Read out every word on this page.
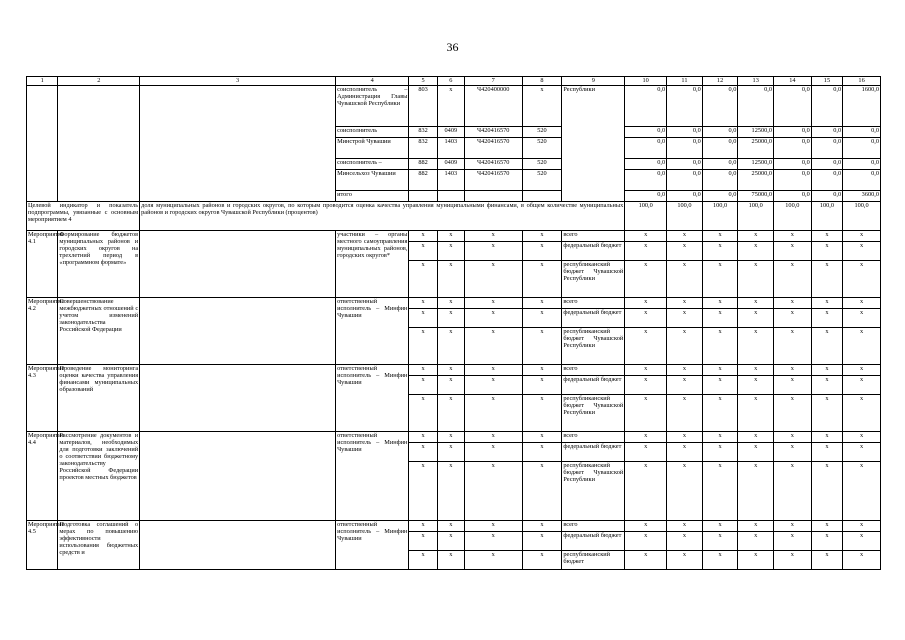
36
1	2	3	4	5	6	7	8	9	10	11	12	13	14	15	16
			соисполнитель – Администрация Главы Чувашской Республики	803	х	Ч420400000	х	Республики	0,0	0,0	0,0	0,0	0,0	0,0	1600,0
			соисполнитель	832	0409	Ч420416570	520		0,0	0,0	0,0	12500,0	0,0	0,0	0,0
			Минстрой Чувашии	832	1403	Ч420416570	520		0,0	0,0	0,0	25000,0	0,0	0,0	0,0
			соисполнитель –	882	0409	Ч420416570	520		0,0	0,0	0,0	12500,0	0,0	0,0	0,0
			Минсельхоз Чувашии	882	1403	Ч420416570	520		0,0	0,0	0,0	25000,0	0,0	0,0	0,0
			итого						0,0	0,0	0,0	75000,0	0,0	0,0	3600,0
Целевой индикатор и показатель подпрограммы, увязанные с основным мероприятием 4		доля муниципальных районов и городских округов, по которым проводится оценка качества управления муниципальными финансами, в общем количестве муниципальных районов и городских округов Чувашской Республики (процентов)							100,0	100,0	100,0	100,0	100,0	100,0	100,0
Мероприятие 4.1	Формирование бюджетов муниципальных районов и городских округов на трехлетний период в «программном формате»		участники – органы местного самоуправления муниципальных районов, городских округов*	х	х	х	х	всего	х	х	х	х	х	х	х
				х	х	х	х	федеральный бюджет	х	х	х	х	х	х	х
				х	х	х	х	республиканский бюджет Чувашской Республики	х	х	х	х	х	х	х
Мероприятие 4.2	Совершенствование межбюджетных отношений с учетом изменений законодательства Российской Федерации		ответственный исполнитель – Минфин Чувашии	х	х	х	х	всего	х	х	х	х	х	х	х
				х	х	х	х	федеральный бюджет	х	х	х	х	х	х	х
				х	х	х	х	республиканский бюджет Чувашской Республики	х	х	х	х	х	х	х
Мероприятие 4.3	Проведение мониторинга оценки качества управления финансами муниципальных образований		ответственный исполнитель – Минфин Чувашии	х	х	х	х	всего	х	х	х	х	х	х	х
				х	х	х	х	федеральный бюджет	х	х	х	х	х	х	х
				х	х	х	х	республиканский бюджет Чувашской Республики	х	х	х	х	х	х	х
Мероприятие 4.4	Рассмотрение документов и материалов, необходимых для подготовки заключений о соответствии бюджетному законодательству Российской Федерации проектов местных бюджетов		ответственный исполнитель – Минфин Чувашии	х	х	х	х	всего	х	х	х	х	х	х	х
				х	х	х	х	федеральный бюджет	х	х	х	х	х	х	х
				х	х	х	х	республиканский бюджет Чувашской Республики	х	х	х	х	х	х	х
Мероприятие 4.5	Подготовка соглашений о мерах по повышению эффективности использования бюджетных средств и		ответственный исполнитель – Минфин Чувашии	х	х	х	х	всего	х	х	х	х	х	х	х
				х	х	х	х	федеральный бюджет	х	х	х	х	х	х	х
				х	х	х	х	республиканский бюджет	х	х	х	х	х	х	х
